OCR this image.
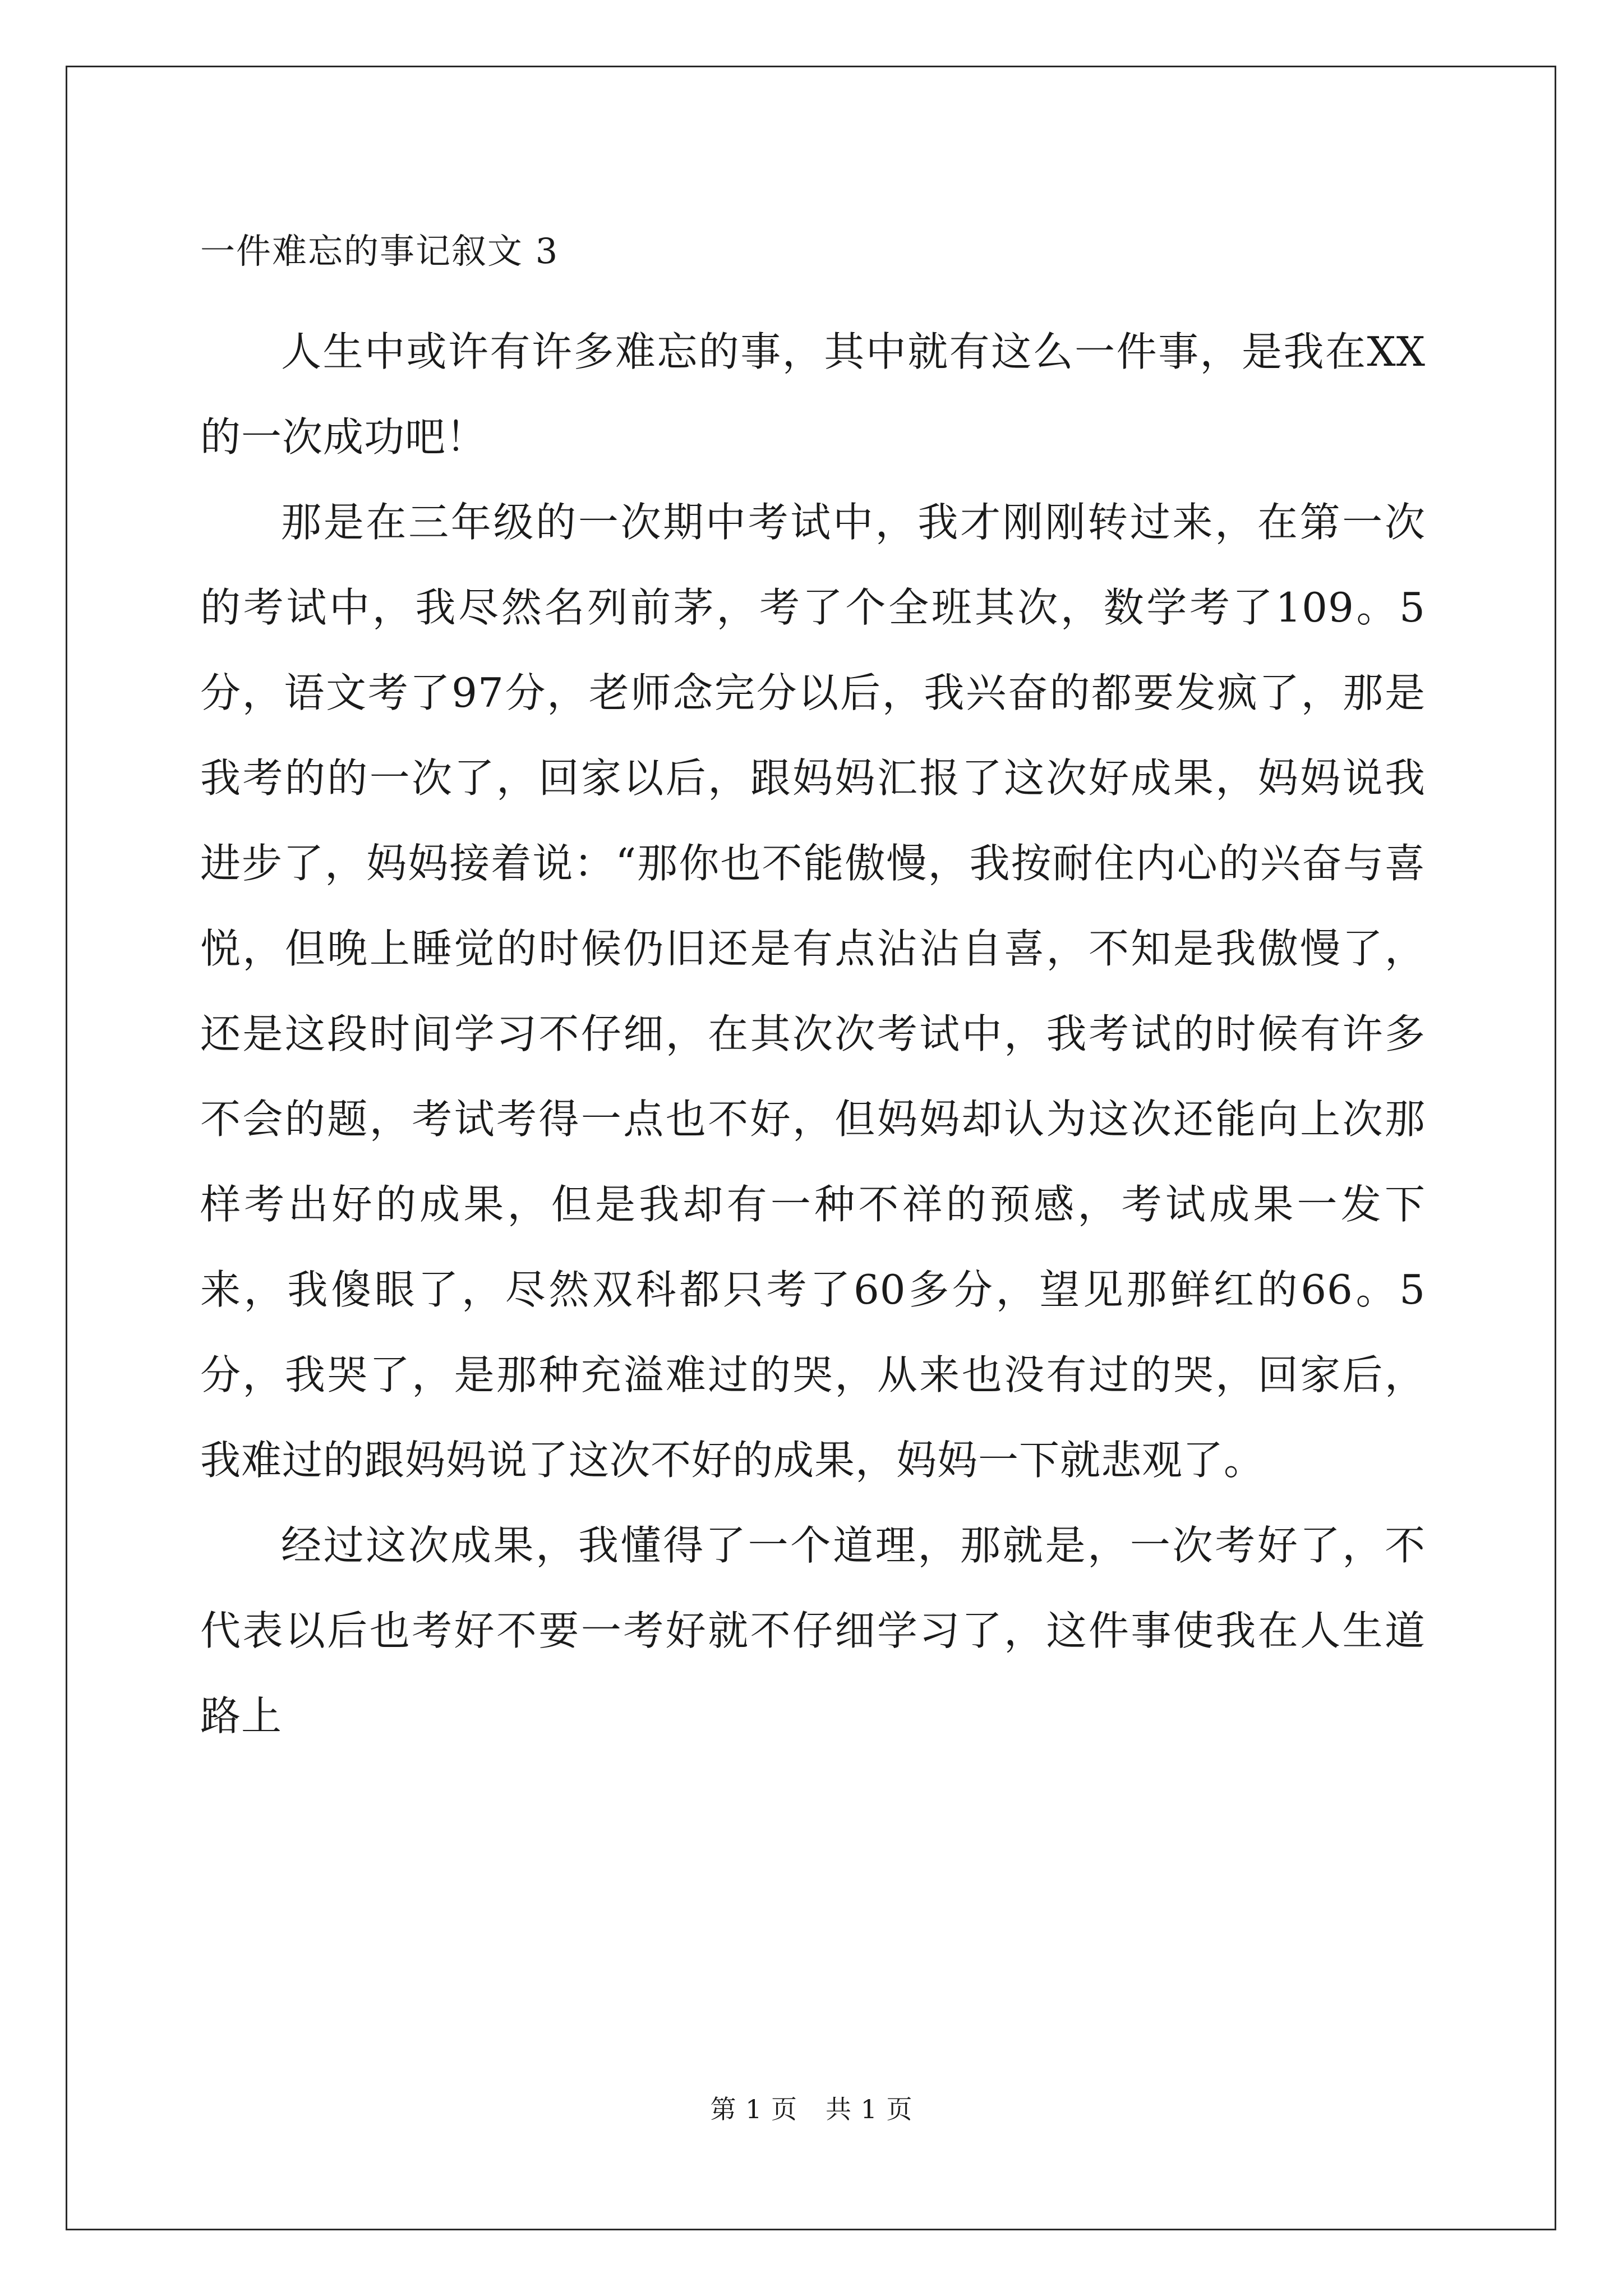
一件难忘的事记叙文 3

人生中或许有许多难忘的事，其中就有这么一件事，是我在XX的一次成功吧！

那是在三年级的一次期中考试中，我才刚刚转过来，在第一次的考试中，我尽然名列前茅，考了个全班其次，数学考了109。5分，语文考了97分，老师念完分以后，我兴奋的都要发疯了，那是我考的的一次了，回家以后，跟妈妈汇报了这次好成果，妈妈说我进步了，妈妈接着说：“那你也不能傲慢，我按耐住内心的兴奋与喜悦，但晚上睡觉的时候仍旧还是有点沾沾自喜，不知是我傲慢了，还是这段时间学习不仔细，在其次次考试中，我考试的时候有许多不会的题，考试考得一点也不好，但妈妈却认为这次还能向上次那样考出好的成果，但是我却有一种不祥的预感，考试成果一发下来，我傻眼了，尽然双科都只考了60多分，望见那鲜红的66。5分，我哭了，是那种充溢难过的哭，从来也没有过的哭，回家后，我难过的跟妈妈说了这次不好的成果，妈妈一下就悲观了。

经过这次成果，我懂得了一个道理，那就是，一次考好了，不代表以后也考好不要一考好就不仔细学习了，这件事使我在人生道路上

第 1 页 共 1 页
